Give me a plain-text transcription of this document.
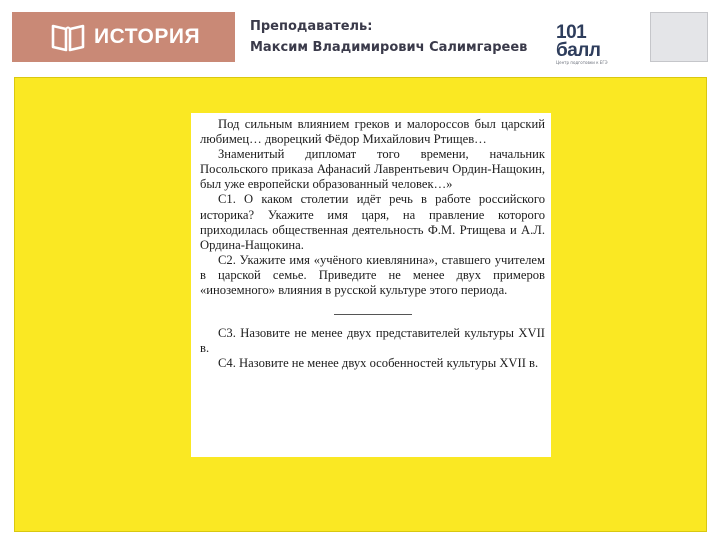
ИСТОРИЯ	Преподаватель:
Максим Владимирович Салимгареев
101 балл
Центр подготовки к ЕГЭ

Под сильным влиянием греков и малороссов был царский любимец… дворецкий Фёдор Михайлович Ртищев…

Знаменитый дипломат того времени, начальник Посольского приказа Афанасий Лаврентьевич Ордин-Нащокин, был уже европейски образованный человек…»

С1. О каком столетии идёт речь в работе российского историка? Укажите имя царя, на правление которого приходилась общественная деятельность Ф.М. Ртищева и А.Л. Ордина-Нащокина.

С2. Укажите имя «учёного киевлянина», ставшего учителем в царской семье. Приведите не менее двух примеров «иноземного» влияния в русской культуре этого периода.

С3. Назовите не менее двух представителей культуры XVII в.

С4. Назовите не менее двух особенностей культуры XVII в.
